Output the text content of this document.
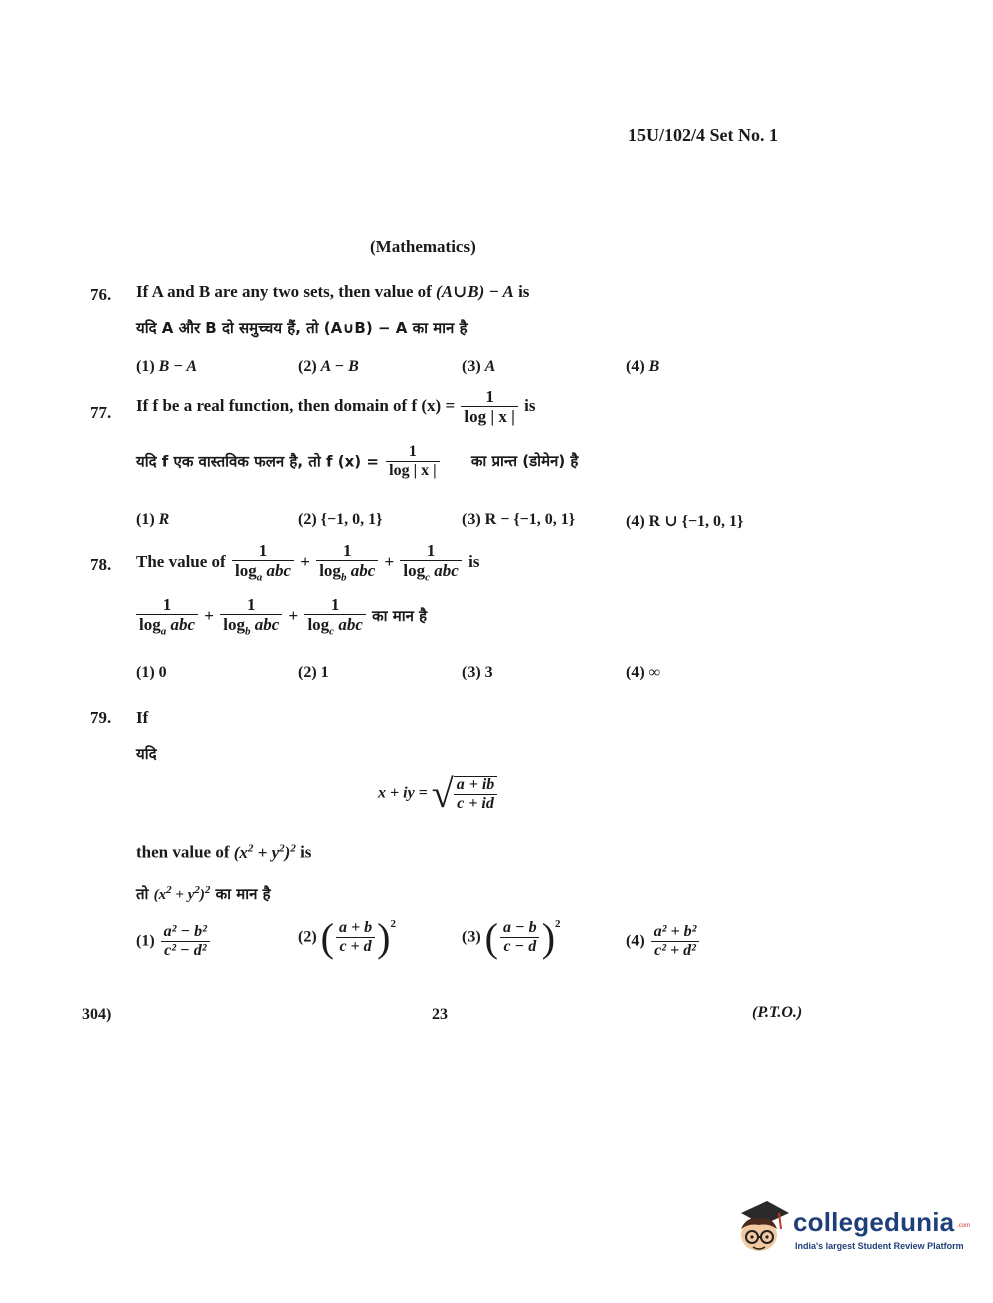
15U/102/4 Set No. 1
(Mathematics)
76. If A and B are any two sets, then value of (A∪B) − A is
यदि A और B दो समुच्चय हैं, तो (A∪B) − A का मान है
(1) B − A	(2) A − B	(3) A	(4) B
77. If f be a real function, then domain of f $(x) = \frac{1}{\log | x |}$ is
यदि f एक वास्तविक फलन है, तो f $(x) = \frac{1}{\log | x |}$ का प्रान्त (डोमेन) है
(1) R	(2) {−1, 0, 1}	(3) R − {−1, 0, 1}	(4) R ∪ {−1, 0, 1}
78. The value of $\frac{1}{\log_a abc} + \frac{1}{\log_b abc} + \frac{1}{\log_c abc}$ is
$\frac{1}{\log_a abc} + \frac{1}{\log_b abc} + \frac{1}{\log_c abc}$ का मान है
(1) 0	(2) 1	(3) 3	(4) ∞
79. If
यदि
x + iy = √ $\frac{a + ib}{c + id}$
then value of $(x^2 + y^2)^2$ is
तो $(x^2 + y^2)^2$ का मान है
$(1) \frac{\text{a² − b²}}{\text{c² − d²}}$	(2) ( $\frac{a + b}{c + d} )^2$
(3) ( $\frac{a - b}{c - d} )^2$
$(4) \frac{\text{a² + b²}}{\text{c² + d²}}$
304)	23	(P.T.O.)
collegedunia .com
India's largest Student Review Platform
